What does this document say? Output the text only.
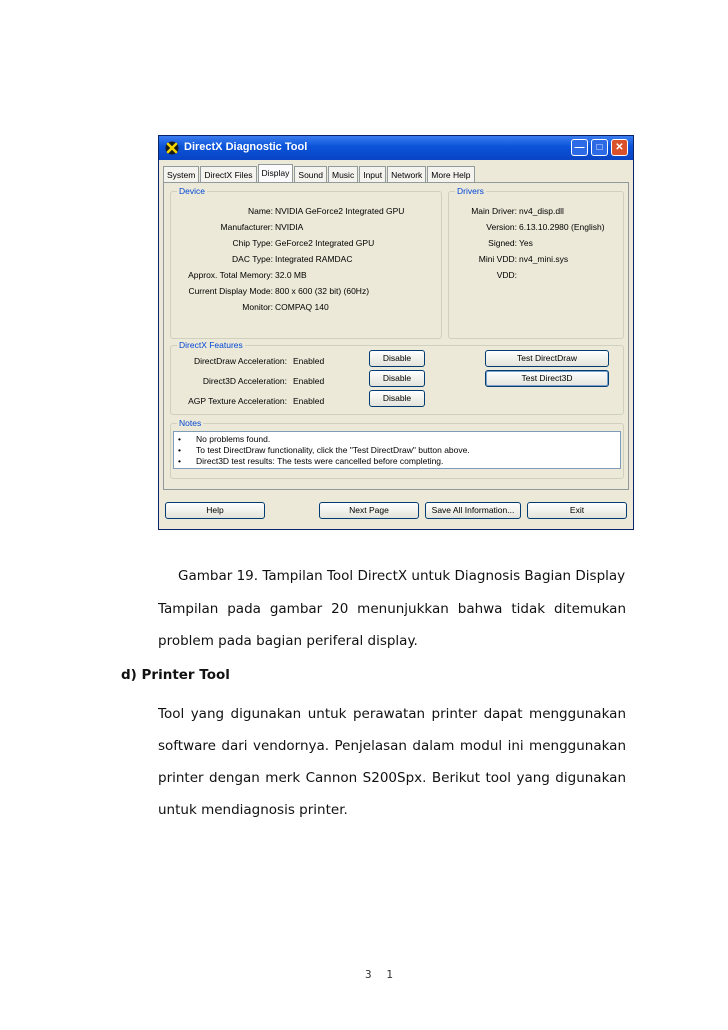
DirectX Diagnostic Tool	—	□	✕
System	DirectX Files	Display	Sound	Music	Input	Network	More Help
Device
Name: NVIDIA GeForce2 Integrated GPU
Manufacturer: NVIDIA
Chip Type: GeForce2 Integrated GPU
DAC Type: Integrated RAMDAC
Approx. Total Memory: 32.0 MB
Current Display Mode: 800 x 600 (32 bit) (60Hz)
Monitor: COMPAQ 140
Drivers
Main Driver: nv4_disp.dll
Version: 6.13.10.2980 (English)
Signed: Yes
Mini VDD: nv4_mini.sys
VDD:
DirectX Features
DirectDraw Acceleration: Enabled	Disable
Direct3D Acceleration: Enabled	Disable
AGP Texture Acceleration: Enabled	Disable
Test DirectDraw
Test Direct3D
Notes
• No problems found.
• To test DirectDraw functionality, click the "Test DirectDraw" button above.
• Direct3D test results: The tests were cancelled before completing.
Help	Next Page	Save All Information...	Exit
Gambar 19. Tampilan Tool DirectX untuk Diagnosis Bagian Display
Tampilan pada gambar 20 menunjukkan bahwa tidak ditemukan
problem pada bagian periferal display.
d) Printer Tool
Tool yang digunakan untuk perawatan printer dapat menggunakan
software dari vendornya. Penjelasan dalam modul ini menggunakan
printer dengan merk Cannon S200Spx. Berikut tool yang digunakan
untuk mendiagnosis printer.
3 1
